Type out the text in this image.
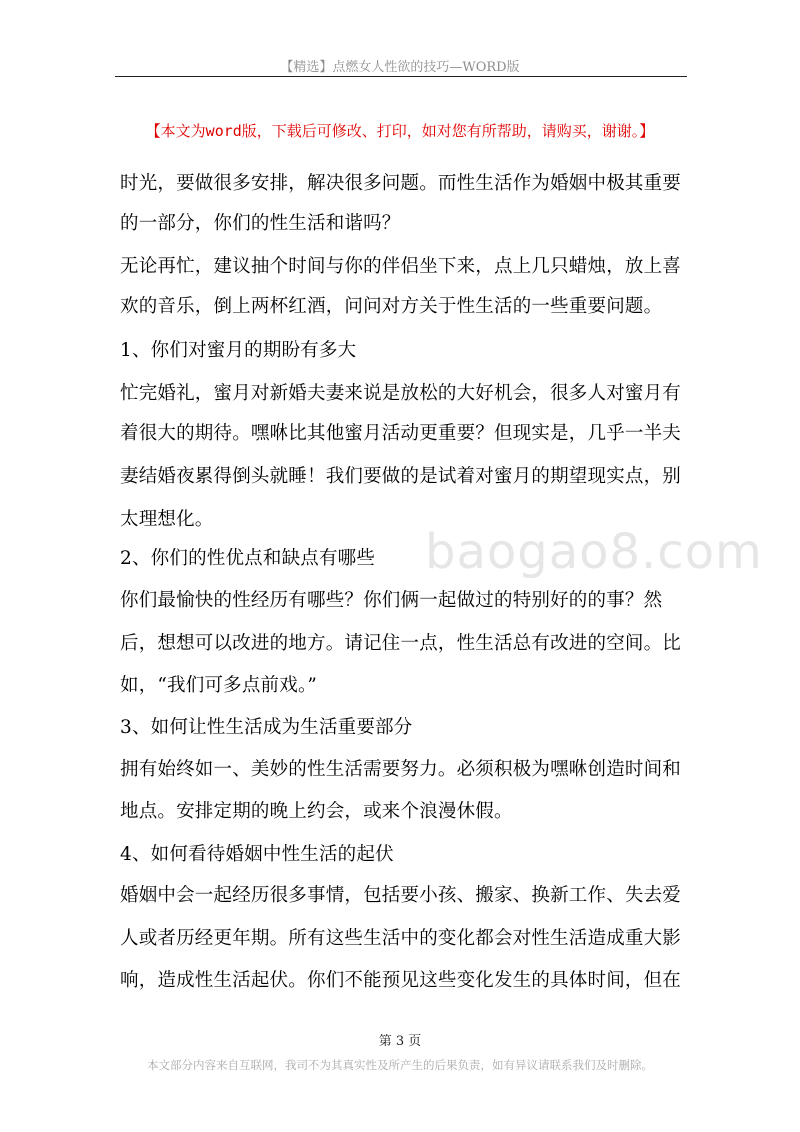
【精选】点燃女人性欲的技巧—WORD版
【本文为word版，下载后可修改、打印，如对您有所帮助，请购买，谢谢。】
baogao8.com
时光，要做很多安排，解决很多问题。而性生活作为婚姻中极其重要
的一部分，你们的性生活和谐吗？
无论再忙，建议抽个时间与你的伴侣坐下来，点上几只蜡烛，放上喜
欢的音乐，倒上两杯红酒，问问对方关于性生活的一些重要问题。
1、你们对蜜月的期盼有多大
忙完婚礼，蜜月对新婚夫妻来说是放松的大好机会，很多人对蜜月有
着很大的期待。嘿咻比其他蜜月活动更重要？但现实是，几乎一半夫
妻结婚夜累得倒头就睡！我们要做的是试着对蜜月的期望现实点，别
太理想化。
2、你们的性优点和缺点有哪些
你们最愉快的性经历有哪些？你们俩一起做过的特别好的的事？然
后，想想可以改进的地方。请记住一点，性生活总有改进的空间。比
如，“我们可多点前戏。”
3、如何让性生活成为生活重要部分
拥有始终如一、美妙的性生活需要努力。必须积极为嘿咻创造时间和
地点。安排定期的晚上约会，或来个浪漫休假。
4、如何看待婚姻中性生活的起伏
婚姻中会一起经历很多事情，包括要小孩、搬家、换新工作、失去爱
人或者历经更年期。所有这些生活中的变化都会对性生活造成重大影
响，造成性生活起伏。你们不能预见这些变化发生的具体时间，但在
第 3 页
本文部分内容来自互联网，我司不为其真实性及所产生的后果负责，如有异议请联系我们及时删除。
